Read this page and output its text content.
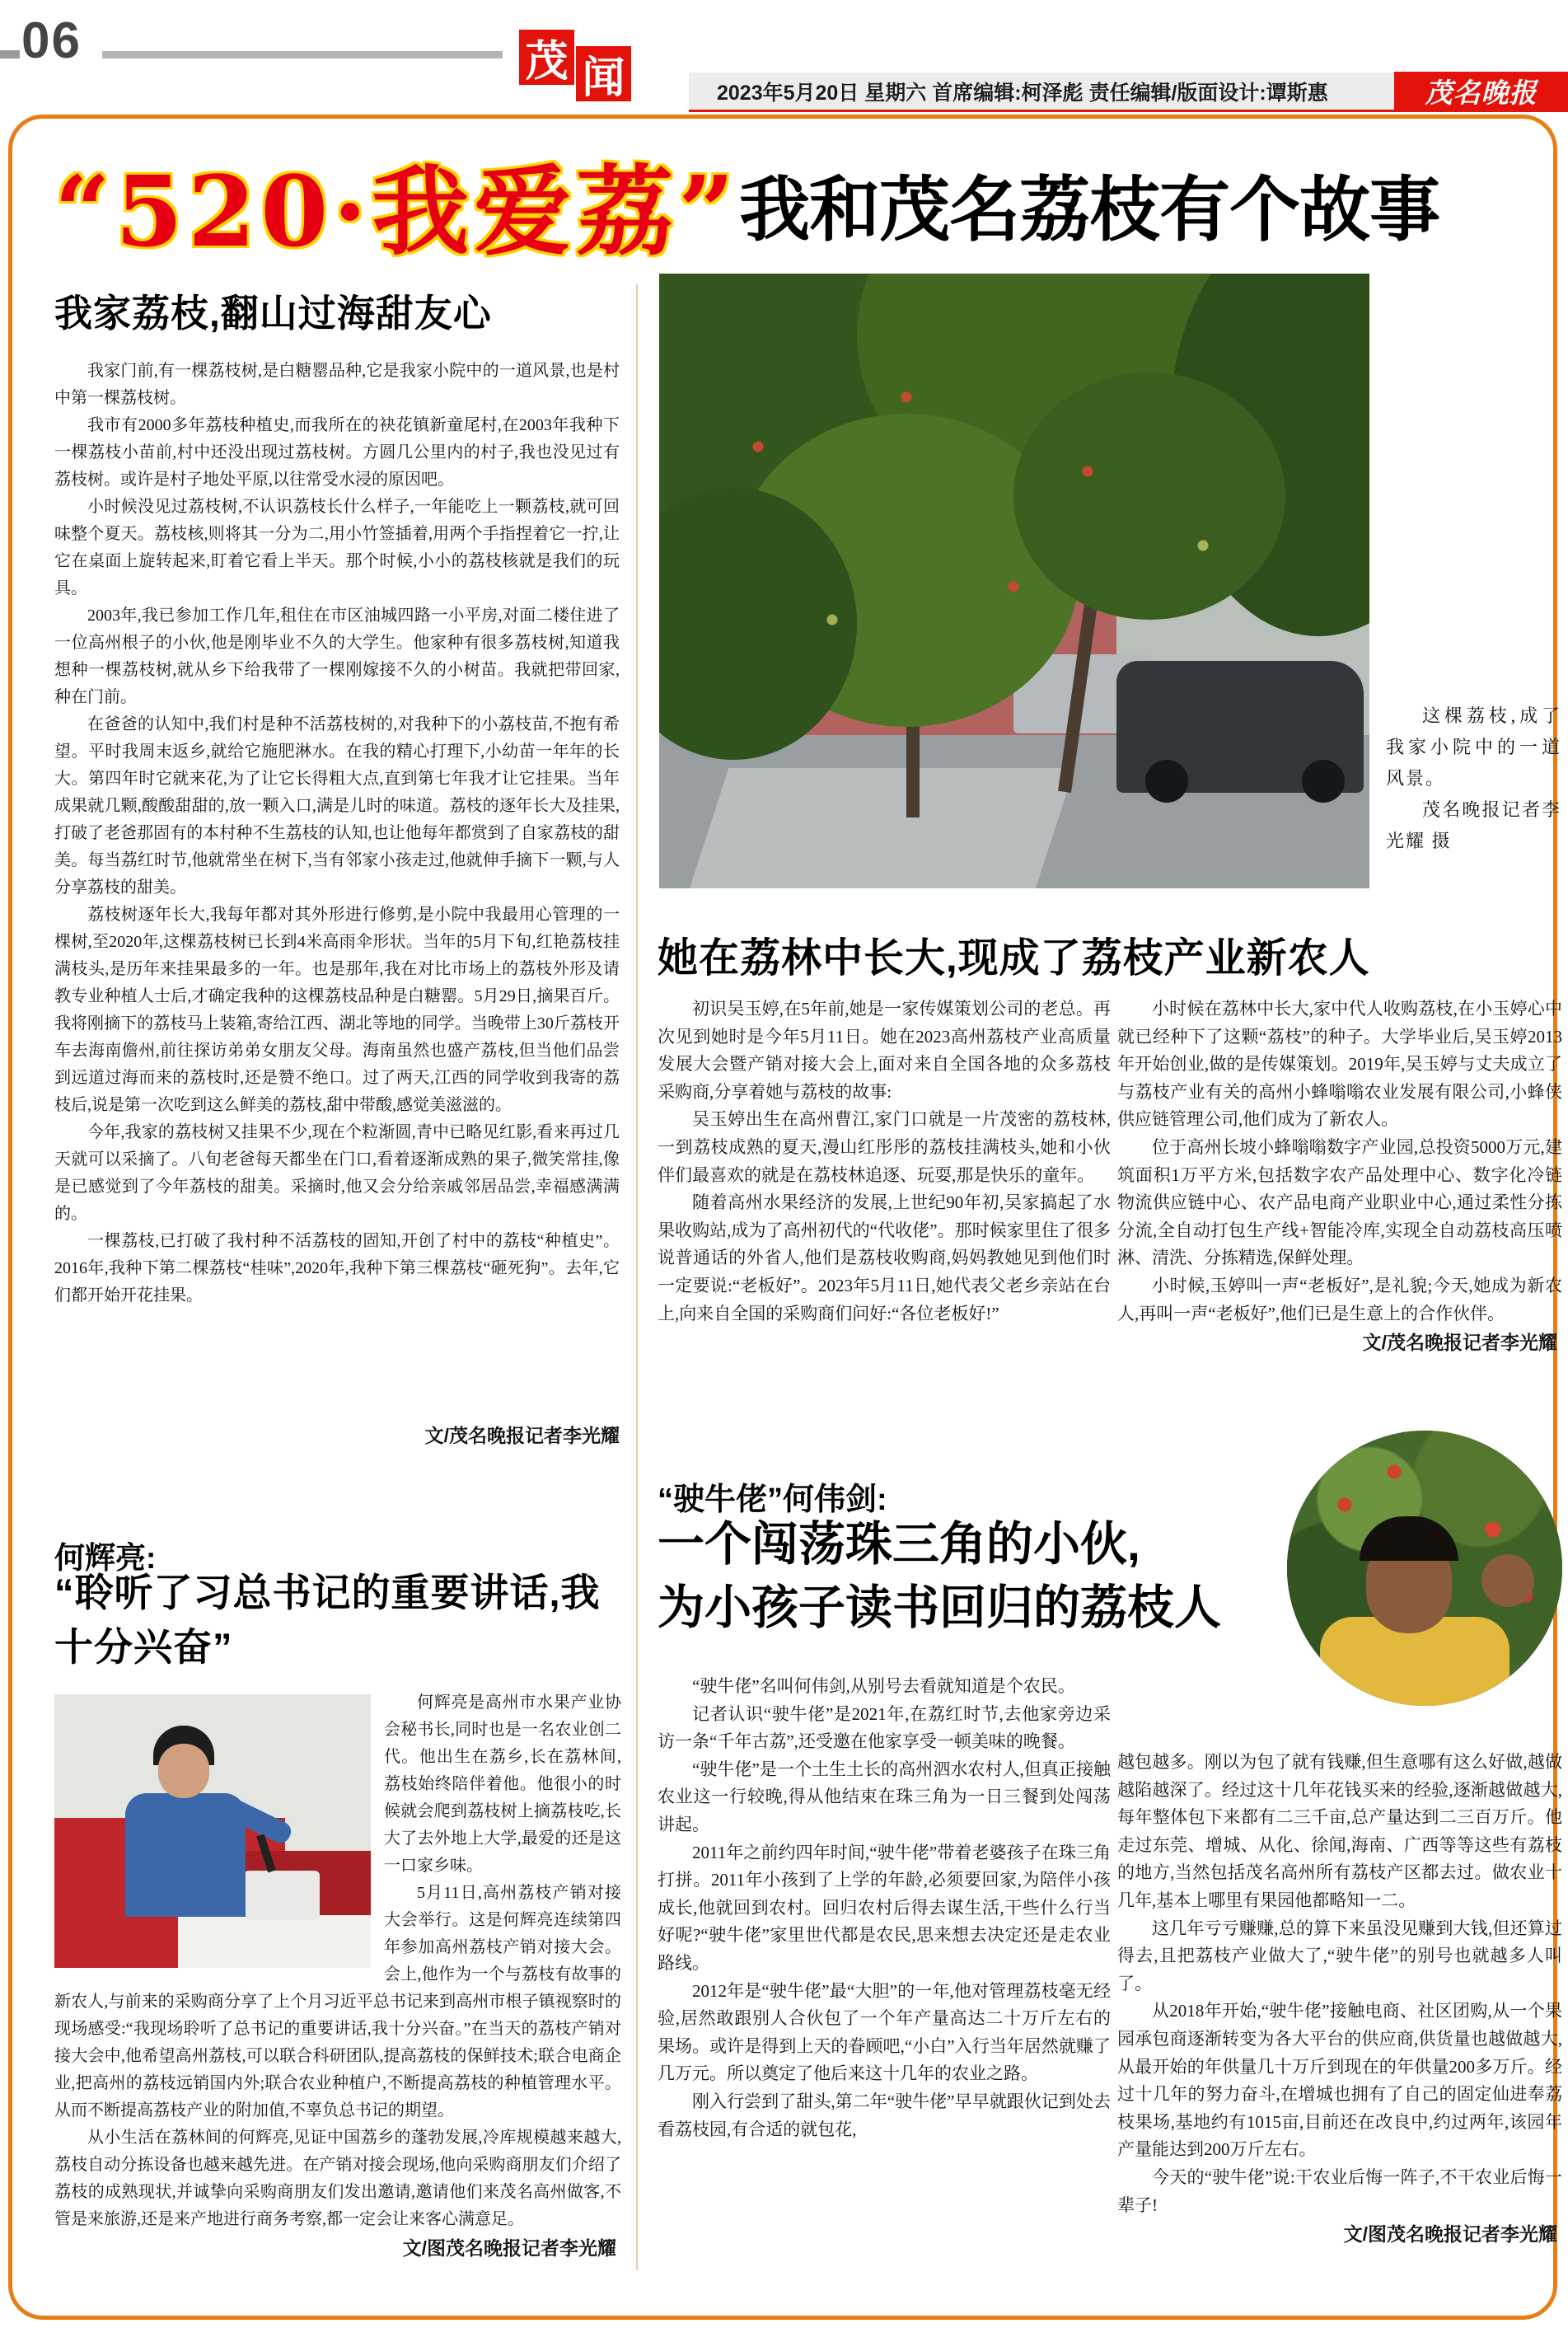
06	茂 闻	2023年5月20日 星期六 首席编辑:柯泽彪 责任编辑/版面设计:谭斯惠	茂名晚报
“520·我爱荔” 我和茂名荔枝有个故事
我家荔枝,翻山过海甜友心

我家门前,有一棵荔枝树,是白糖罂品种,它是我家小院中的一道风景,也是村中第一棵荔枝树。

我市有2000多年荔枝种植史,而我所在的袂花镇新童尾村,在2003年我种下一棵荔枝小苗前,村中还没出现过荔枝树。方圆几公里内的村子,我也没见过有荔枝树。或许是村子地处平原,以往常受水浸的原因吧。

小时候没见过荔枝树,不认识荔枝长什么样子,一年能吃上一颗荔枝,就可回味整个夏天。荔枝核,则将其一分为二,用小竹签插着,用两个手指捏着它一拧,让它在桌面上旋转起来,盯着它看上半天。那个时候,小小的荔枝核就是我们的玩具。

2003年,我已参加工作几年,租住在市区油城四路一小平房,对面二楼住进了一位高州根子的小伙,他是刚毕业不久的大学生。他家种有很多荔枝树,知道我想种一棵荔枝树,就从乡下给我带了一棵刚嫁接不久的小树苗。我就把带回家,种在门前。

在爸爸的认知中,我们村是种不活荔枝树的,对我种下的小荔枝苗,不抱有希望。平时我周末返乡,就给它施肥淋水。在我的精心打理下,小幼苗一年年的长大。第四年时它就来花,为了让它长得粗大点,直到第七年我才让它挂果。当年成果就几颗,酸酸甜甜的,放一颗入口,满是儿时的味道。荔枝的逐年长大及挂果,打破了老爸那固有的本村种不生荔枝的认知,也让他每年都赏到了自家荔枝的甜美。每当荔红时节,他就常坐在树下,当有邻家小孩走过,他就伸手摘下一颗,与人分享荔枝的甜美。

荔枝树逐年长大,我每年都对其外形进行修剪,是小院中我最用心管理的一棵树,至2020年,这棵荔枝树已长到4米高雨伞形状。当年的5月下旬,红艳荔枝挂满枝头,是历年来挂果最多的一年。也是那年,我在对比市场上的荔枝外形及请教专业种植人士后,才确定我种的这棵荔枝品种是白糖罂。5月29日,摘果百斤。我将刚摘下的荔枝马上装箱,寄给江西、湖北等地的同学。当晚带上30斤荔枝开车去海南儋州,前往探访弟弟女朋友父母。海南虽然也盛产荔枝,但当他们品尝到远道过海而来的荔枝时,还是赞不绝口。过了两天,江西的同学收到我寄的荔枝后,说是第一次吃到这么鲜美的荔枝,甜中带酸,感觉美滋滋的。

今年,我家的荔枝树又挂果不少,现在个粒渐圆,青中已略见红影,看来再过几天就可以采摘了。八旬老爸每天都坐在门口,看着逐渐成熟的果子,微笑常挂,像是已感觉到了今年荔枝的甜美。采摘时,他又会分给亲戚邻居品尝,幸福感满满的。

一棵荔枝,已打破了我村种不活荔枝的固知,开创了村中的荔枝“种植史”。2016年,我种下第二棵荔枝“桂味”,2020年,我种下第三棵荔枝“砸死狗”。去年,它们都开始开花挂果。

文/茂名晚报记者李光耀

这棵荔枝,成了我家小院中的一道风景。

茂名晚报记者李光耀 摄

她在荔林中长大,现成了荔枝产业新农人

初识吴玉婷,在5年前,她是一家传媒策划公司的老总。再次见到她时是今年5月11日。她在2023高州荔枝产业高质量发展大会暨产销对接大会上,面对来自全国各地的众多荔枝采购商,分享着她与荔枝的故事:

吴玉婷出生在高州曹江,家门口就是一片茂密的荔枝林,一到荔枝成熟的夏天,漫山红彤彤的荔枝挂满枝头,她和小伙伴们最喜欢的就是在荔枝林追逐、玩耍,那是快乐的童年。

随着高州水果经济的发展,上世纪90年初,吴家搞起了水果收购站,成为了高州初代的“代收佬”。那时候家里住了很多说普通话的外省人,他们是荔枝收购商,妈妈教她见到他们时一定要说:“老板好”。2023年5月11日,她代表父老乡亲站在台上,向来自全国的采购商们问好:“各位老板好!”

小时候在荔林中长大,家中代人收购荔枝,在小玉婷心中就已经种下了这颗“荔枝”的种子。大学毕业后,吴玉婷2013年开始创业,做的是传媒策划。2019年,吴玉婷与丈夫成立了与荔枝产业有关的高州小蜂嗡嗡农业发展有限公司,小蜂侠供应链管理公司,他们成为了新农人。

位于高州长坡小蜂嗡嗡数字产业园,总投资5000万元,建筑面积1万平方米,包括数字农产品处理中心、数字化冷链物流供应链中心、农产品电商产业职业中心,通过柔性分拣分流,全自动打包生产线+智能冷库,实现全自动荔枝高压喷淋、清洗、分拣精选,保鲜处理。

小时候,玉婷叫一声“老板好”,是礼貌;今天,她成为新农人,再叫一声“老板好”,他们已是生意上的合作伙伴。

文/茂名晚报记者李光耀

何辉亮:
“聆听了习总书记的重要讲话,我十分兴奋”

何辉亮是高州市水果产业协会秘书长,同时也是一名农业创二代。他出生在荔乡,长在荔林间,荔枝始终陪伴着他。他很小的时候就会爬到荔枝树上摘荔枝吃,长大了去外地上大学,最爱的还是这一口家乡味。

5月11日,高州荔枝产销对接大会举行。这是何辉亮连续第四年参加高州荔枝产销对接大会。会上,他作为一个与荔枝有故事的新农人,与前来的采购商分享了上个月习近平总书记来到高州市根子镇视察时的现场感受:“我现场聆听了总书记的重要讲话,我十分兴奋。”在当天的荔枝产销对接大会中,他希望高州荔枝,可以联合科研团队,提高荔枝的保鲜技术;联合电商企业,把高州的荔枝远销国内外;联合农业种植户,不断提高荔枝的种植管理水平。从而不断提高荔枝产业的附加值,不辜负总书记的期望。

从小生活在荔林间的何辉亮,见证中国荔乡的蓬勃发展,冷库规模越来越大,荔枝自动分拣设备也越来越先进。在产销对接会现场,他向采购商朋友们介绍了荔枝的成熟现状,并诚挚向采购商朋友们发出邀请,邀请他们来茂名高州做客,不管是来旅游,还是来产地进行商务考察,都一定会让来客心满意足。

文/图茂名晚报记者李光耀

“驶牛佬”何伟剑:
一个闯荡珠三角的小伙,
为小孩子读书回归的荔枝人

“驶牛佬”名叫何伟剑,从别号去看就知道是个农民。

记者认识“驶牛佬”是2021年,在荔红时节,去他家旁边采访一条“千年古荔”,还受邀在他家享受一顿美味的晚餐。

“驶牛佬”是一个土生土长的高州泗水农村人,但真正接触农业这一行较晚,得从他结束在珠三角为一日三餐到处闯荡讲起。

2011年之前约四年时间,“驶牛佬”带着老婆孩子在珠三角打拼。2011年小孩到了上学的年龄,必须要回家,为陪伴小孩成长,他就回到农村。回归农村后得去谋生活,干些什么行当好呢?“驶牛佬”家里世代都是农民,思来想去决定还是走农业路线。

2012年是“驶牛佬”最“大胆”的一年,他对管理荔枝毫无经验,居然敢跟别人合伙包了一个年产量高达二十万斤左右的果场。或许是得到上天的眷顾吧,“小白”入行当年居然就赚了几万元。所以奠定了他后来这十几年的农业之路。

刚入行尝到了甜头,第二年“驶牛佬”早早就跟伙记到处去看荔枝园,有合适的就包花,

越包越多。刚以为包了就有钱赚,但生意哪有这么好做,越做越陷越深了。经过这十几年花钱买来的经验,逐渐越做越大,每年整体包下来都有二三千亩,总产量达到二三百万斤。他走过东莞、增城、从化、徐闻,海南、广西等等这些有荔枝的地方,当然包括茂名高州所有荔枝产区都去过。做农业十几年,基本上哪里有果园他都略知一二。

这几年亏亏赚赚,总的算下来虽没见赚到大钱,但还算过得去,且把荔枝产业做大了,“驶牛佬”的别号也就越多人叫了。

从2018年开始,“驶牛佬”接触电商、社区团购,从一个果园承包商逐渐转变为各大平台的供应商,供货量也越做越大,从最开始的年供量几十万斤到现在的年供量200多万斤。经过十几年的努力奋斗,在增城也拥有了自己的固定仙进奉荔枝果场,基地约有1015亩,目前还在改良中,约过两年,该园年产量能达到200万斤左右。

今天的“驶牛佬”说:干农业后悔一阵子,不干农业后悔一辈子!

文/图茂名晚报记者李光耀
